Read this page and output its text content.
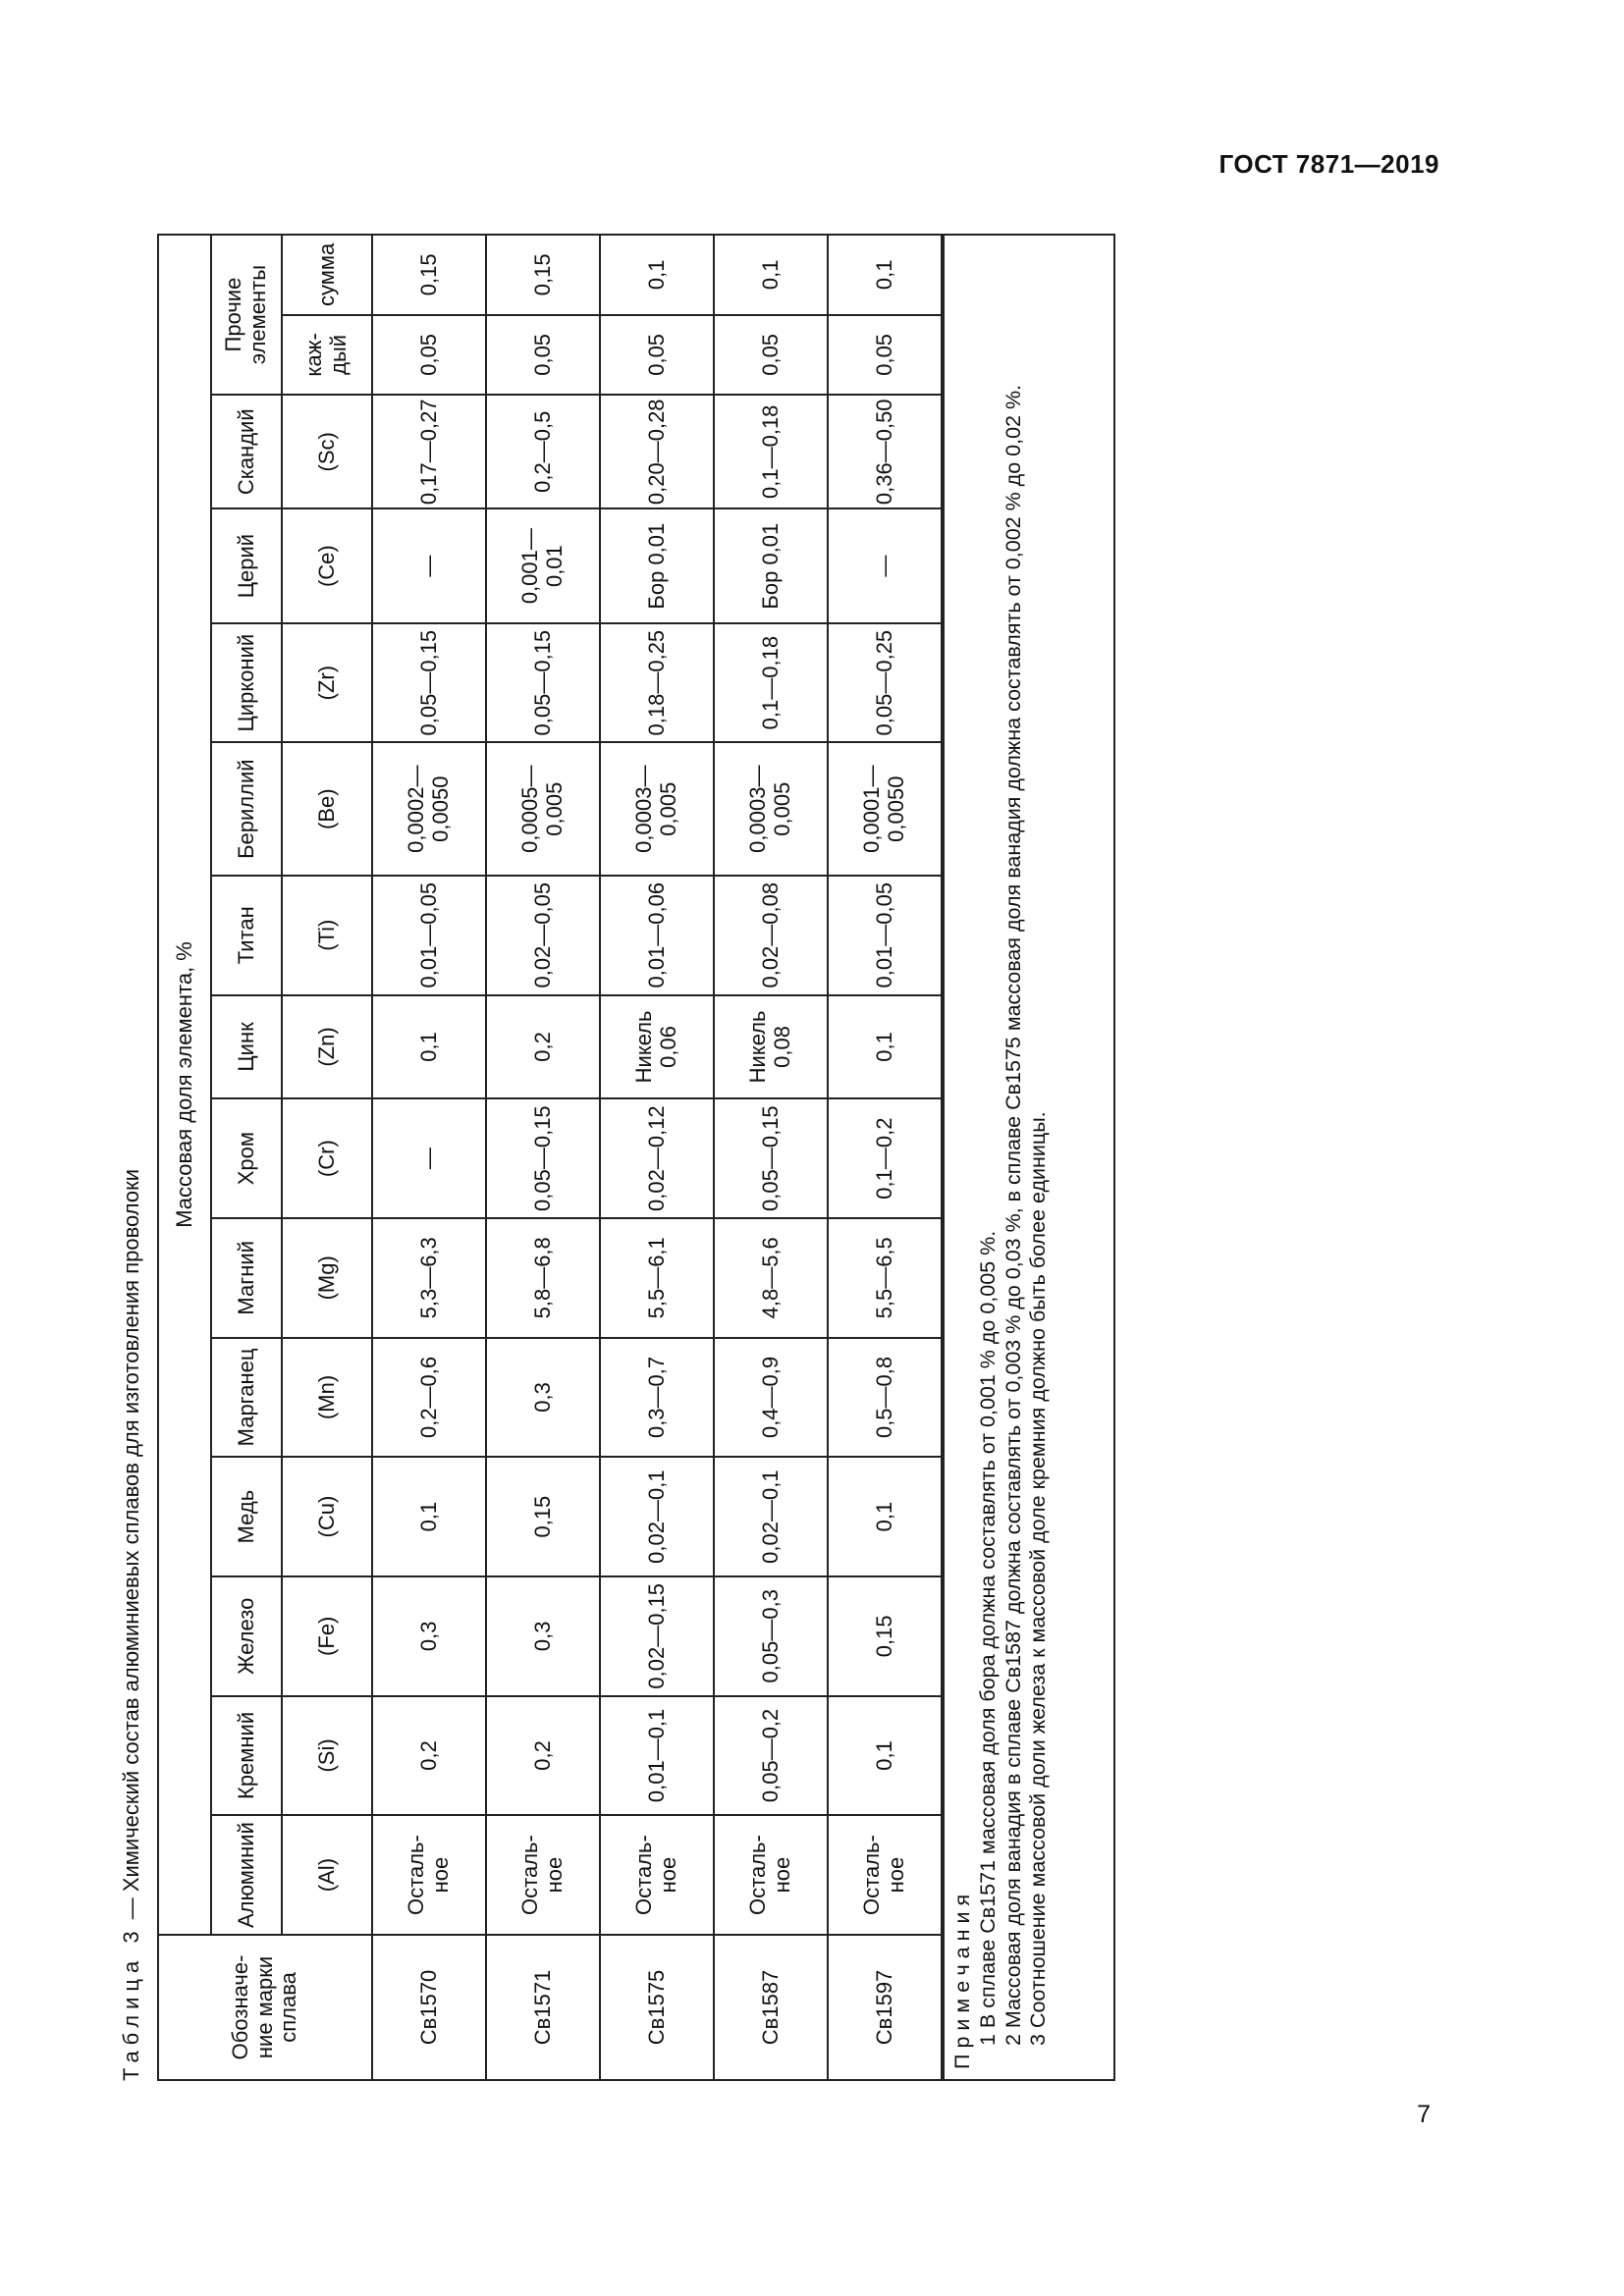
ГОСТ 7871—2019
Таблица 3 — Химический состав алюминиевых сплавов для изготовления проволоки
Обозначе-ние марки сплава	Массовая доля элемента, %														
	Алюминий	Кремний	Железо	Медь	Марганец	Магний	Хром	Цинк	Титан	Бериллий	Цирконий	Церий	Скандий	Прочие элементы	
	(Al)	(Si)	(Fe)	(Cu)	(Mn)	(Mg)	(Cr)	(Zn)	(Ti)	(Be)	(Zr)	(Ce)	(Sc)	каж-дый	сумма
Св1570	Осталь-ное	0,2	0,3	0,1	0,2—0,6	5,3—6,3	—	0,1	0,01—0,05	0,0002—0,0050	0,05—0,15	—	0,17—0,27	0,05	0,15
Св1571	Осталь-ное	0,2	0,3	0,15	0,3	5,8—6,8	0,05—0,15	0,2	0,02—0,05	0,0005—0,005	0,05—0,15	0,001—0,01	0,2—0,5	0,05	0,15
Св1575	Осталь-ное	0,01—0,1	0,02—0,15	0,02—0,1	0,3—0,7	5,5—6,1	0,02—0,12	Никель 0,06	0,01—0,06	0,0003—0,005	0,18—0,25	Бор 0,01	0,20—0,28	0,05	0,1
Св1587	Осталь-ное	0,05—0,2	0,05—0,3	0,02—0,1	0,4—0,9	4,8—5,6	0,05—0,15	Никель 0,08	0,02—0,08	0,0003—0,005	0,1—0,18	Бор 0,01	0,1—0,18	0,05	0,1
Св1597	Осталь-ное	0,1	0,15	0,1	0,5—0,8	5,5—6,5	0,1—0,2	0,1	0,01—0,05	0,0001—0,0050	0,05—0,25	—	0,36—0,50	0,05	0,1

Примечания 1 В сплаве Св1571 массовая доля бора должна составлять от 0,001 % до 0,005 %. 2 Массовая доля ванадия в сплаве Св1587 должна составлять от 0,003 % до 0,03 %, в сплаве Св1575 массовая доля ванадия должна составлять от 0,002 % до 0,02 %. 3 Соотношение массовой доли железа к массовой доле кремния должно быть более единицы.															
7
